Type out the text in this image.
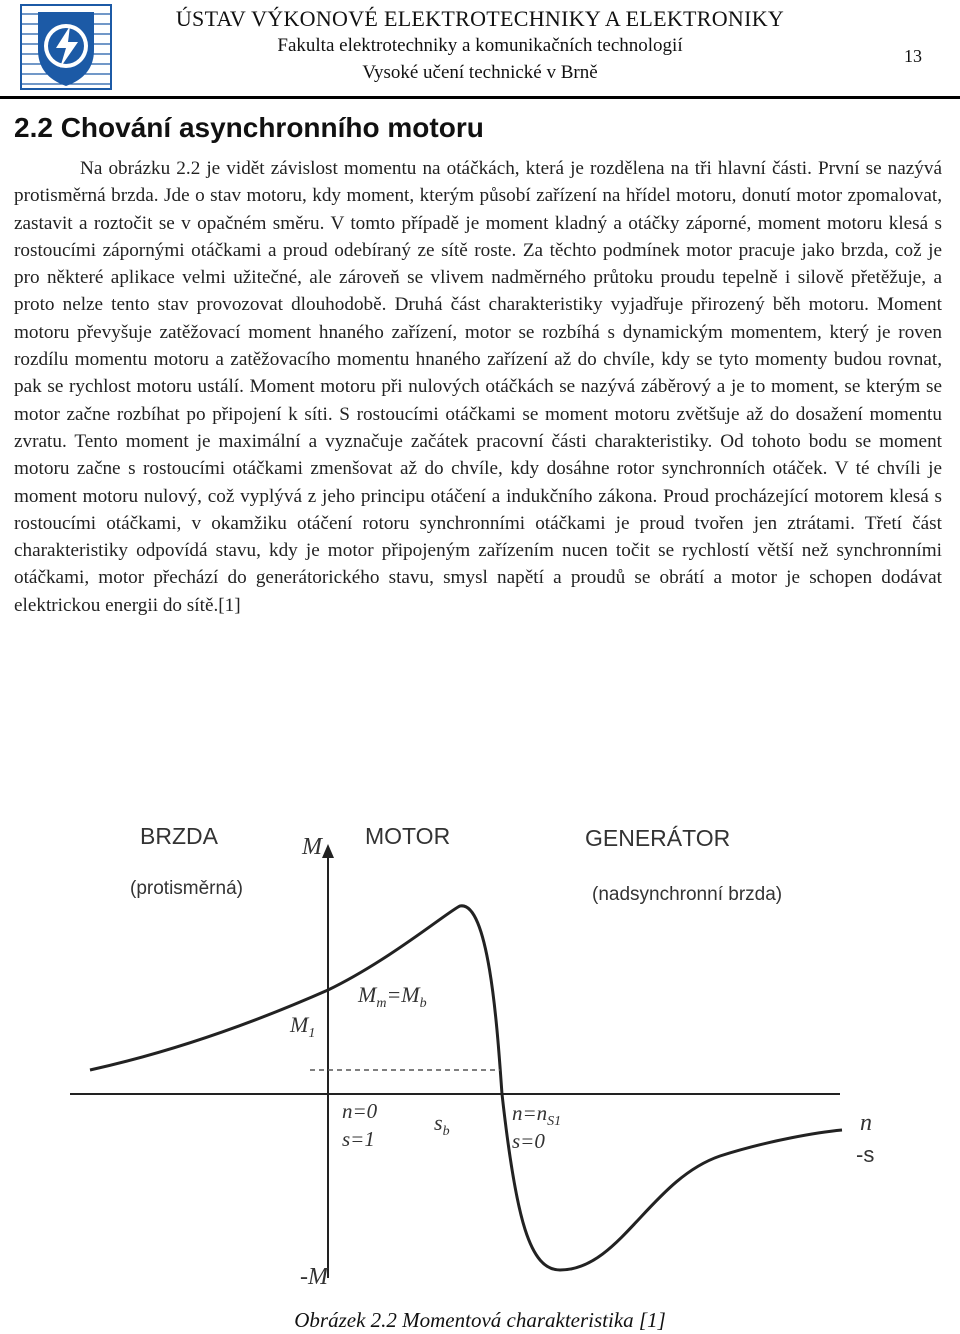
ÚSTAV VÝKONOVÉ ELEKTROTECHNIKY A ELEKTRONIKY
Fakulta elektrotechniky a komunikačních technologií
Vysoké učení technické v Brně
13
2.2 Chování asynchronního motoru

Na obrázku 2.2 je vidět závislost momentu na otáčkách, která je rozdělena na tři hlavní části. První se nazývá protisměrná brzda. Jde o stav motoru, kdy moment, kterým působí zařízení na hřídel motoru, donutí motor zpomalovat, zastavit a roztočit se v opačném směru. V tomto případě je moment kladný a otáčky záporné, moment motoru klesá s rostoucími zápornými otáčkami a proud odebíraný ze sítě roste. Za těchto podmínek motor pracuje jako brzda, což je pro některé aplikace velmi užitečné, ale zároveň se vlivem nadměrného průtoku proudu tepelně i silově přetěžuje, a proto nelze tento stav provozovat dlouhodobě. Druhá část charakteristiky vyjadřuje přirozený běh motoru. Moment motoru převyšuje zatěžovací moment hnaného zařízení, motor se rozbíhá s dynamickým momentem, který je roven rozdílu momentu motoru a zatěžovacího momentu hnaného zařízení až do chvíle, kdy se tyto momenty budou rovnat, pak se rychlost motoru ustálí. Moment motoru při nulových otáčkách se nazývá záběrový a je to moment, se kterým se motor začne rozbíhat po připojení k síti. S rostoucími otáčkami se moment motoru zvětšuje až do dosažení momentu zvratu. Tento moment je maximální a vyznačuje začátek pracovní části charakteristiky. Od tohoto bodu se moment motoru začne s rostoucími otáčkami zmenšovat až do chvíle, kdy dosáhne rotor synchronních otáček. V té chvíli je moment motoru nulový, což vyplývá z jeho principu otáčení a indukčního zákona. Proud procházející motorem klesá s rostoucími otáčkami, v okamžiku otáčení rotoru synchronními otáčkami je proud tvořen jen ztrátami. Třetí část charakteristiky odpovídá stavu, kdy je motor připojeným zařízením nucen točit se rychlostí větší než synchronními otáčkami, motor přechází do generátorického stavu, smysl napětí a proudů se obrátí a motor je schopen dodávat elektrickou energii do sítě.[1]

BRZDA
(protisměrná)
MOTOR	GENERÁTOR
(nadsynchronní brzda)
M
-M
n
-s
$M_1$
$M_m=M_b$
n=0
s=1
$s_b$
$n=n_{S1}$
s=0
Obrázek 2.2 Momentová charakteristika [1]
